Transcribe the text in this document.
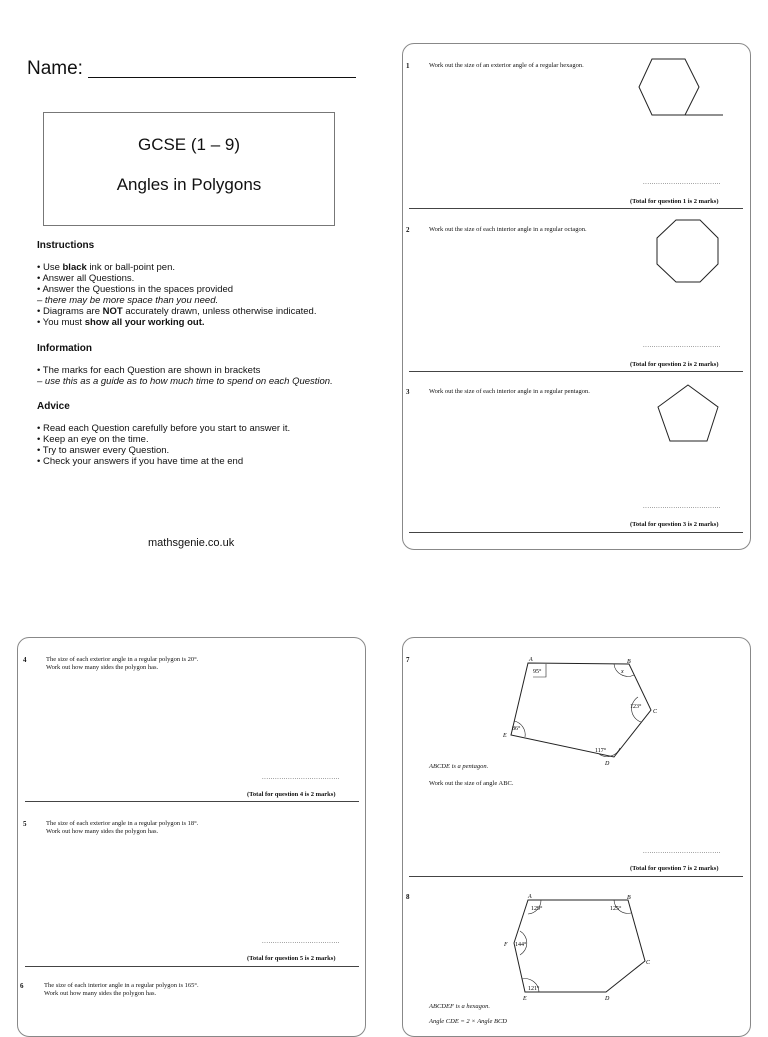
Name:
GCSE (1 – 9)
Angles in Polygons
Instructions
• Use black ink or ball-point pen.
• Answer all Questions.
• Answer the Questions in the spaces provided
– there may be more space than you need.
• Diagrams are NOT accurately drawn, unless otherwise indicated.
• You must show all your working out.
Information
• The marks for each Question are shown in brackets
– use this as a guide as to how much time to spend on each Question.
Advice
• Read each Question carefully before you start to answer it.
• Keep an eye on the time.
• Try to answer every Question.
• Check your answers if you have time at the end
mathsgenie.co.uk
1	Work out the size of an exterior angle of a regular hexagon.
....................................
(Total for question 1 is 2 marks)
2	Work out the size of each interior angle in a regular octagon.
....................................
(Total for question 2 is 2 marks)
3	Work out the size of each interior angle in a regular pentagon.
....................................
(Total for question 3 is 2 marks)
4	The size of each exterior angle in a regular polygon is 20°.
Work out how many sides the polygon has.
....................................
(Total for question 4 is 2 marks)
5	The size of each exterior angle in a regular polygon is 18°.
Work out how many sides the polygon has.
....................................
(Total for question 5 is 2 marks)
6	The size of each interior angle in a regular polygon is 165°.
Work out how many sides the polygon has.
7	A	B
C
D
E
95°	x
123°
117°
86°
ABCDE is a pentagon.
Work out the size of angle ABC.
....................................
(Total for question 7 is 2 marks)
8	A	B
C
D
E
F
129°	125°
144°
121°
ABCDEF is a hexagon.
Angle CDE = 2 × Angle BCD
